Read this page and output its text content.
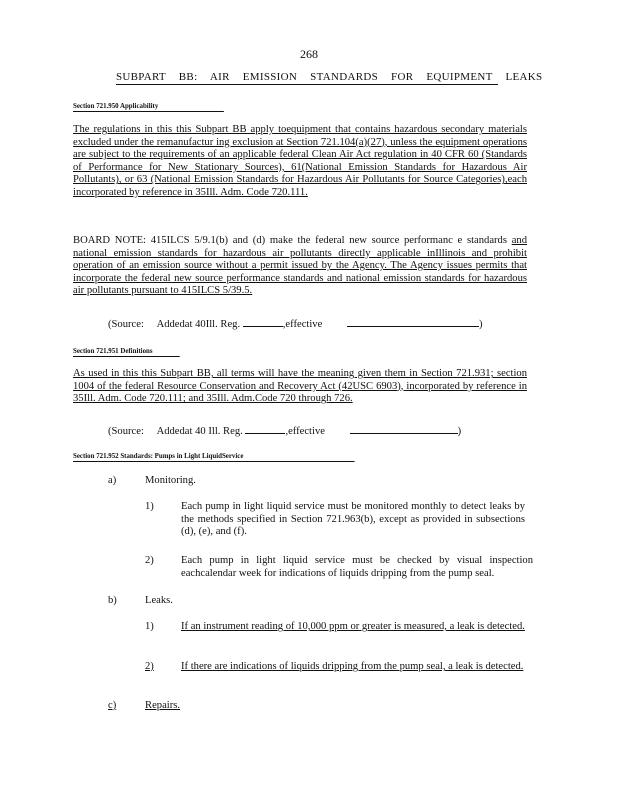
268
SUBPART BB: AIR EMISSION STANDARDS FOR EQUIPMENT LEAKS
Section 721.950 Applicability
The regulations in this this Subpart BB apply toequipment that contains hazardous secondary materials excluded under the remanufactur ing exclusion at Section 721.104(a)(27), unless the equipment operations are subject to the requirements of an applicable federal Clean Air Act regulation in 40 CFR 60 (Standards of Performance for New Stationary Sources), 61(National Emission Standards for Hazardous Air Pollutants), or 63 (National Emission Standards for Hazardous Air Pollutants for Source Categories),each incorporated by reference in 35Ill. Adm. Code 720.111.
BOARD NOTE: 415ILCS 5/9.1(b) and (d) make the federal new source performanc e standards and national emission standards for hazardous air pollutants directly applicable inIllinois and prohibit operation of an emission source without a permit issued by the Agency. The Agency issues permits that incorporate the federal new source performance standards and national emission standards for hazardous air pollutants pursuant to 415ILCS 5/39.5.
(Source: Addedat 40Ill. Reg.	,effective	)
Section 721.951 Definitions
As used in this this Subpart BB, all terms will have the meaning given them in Section 721.931; section 1004 of the federal Resource Conservation and Recovery Act (42USC 6903), incorporated by reference in 35Ill. Adm. Code 720.111; and 35Ill. Adm.Code 720 through 726.
(Source: Addedat 40 Ill. Reg.	,effective	)
Section 721.952 Standards: Pumps in Light LiquidService
a)	Monitoring.
1)	Each pump in light liquid service must be monitored monthly to detect leaks by the methods specified in Section 721.963(b), except as provided in subsections (d), (e), and (f).
2)	Each pump in light liquid service must be checked by visual inspection eachcalendar week for indications of liquids dripping from the pump seal.
b)	Leaks.
1)	If an instrument reading of 10,000 ppm or greater is measured, a leak is detected.
2)	If there are indications of liquids dripping from the pump seal, a leak is detected.
c)	Repairs.
